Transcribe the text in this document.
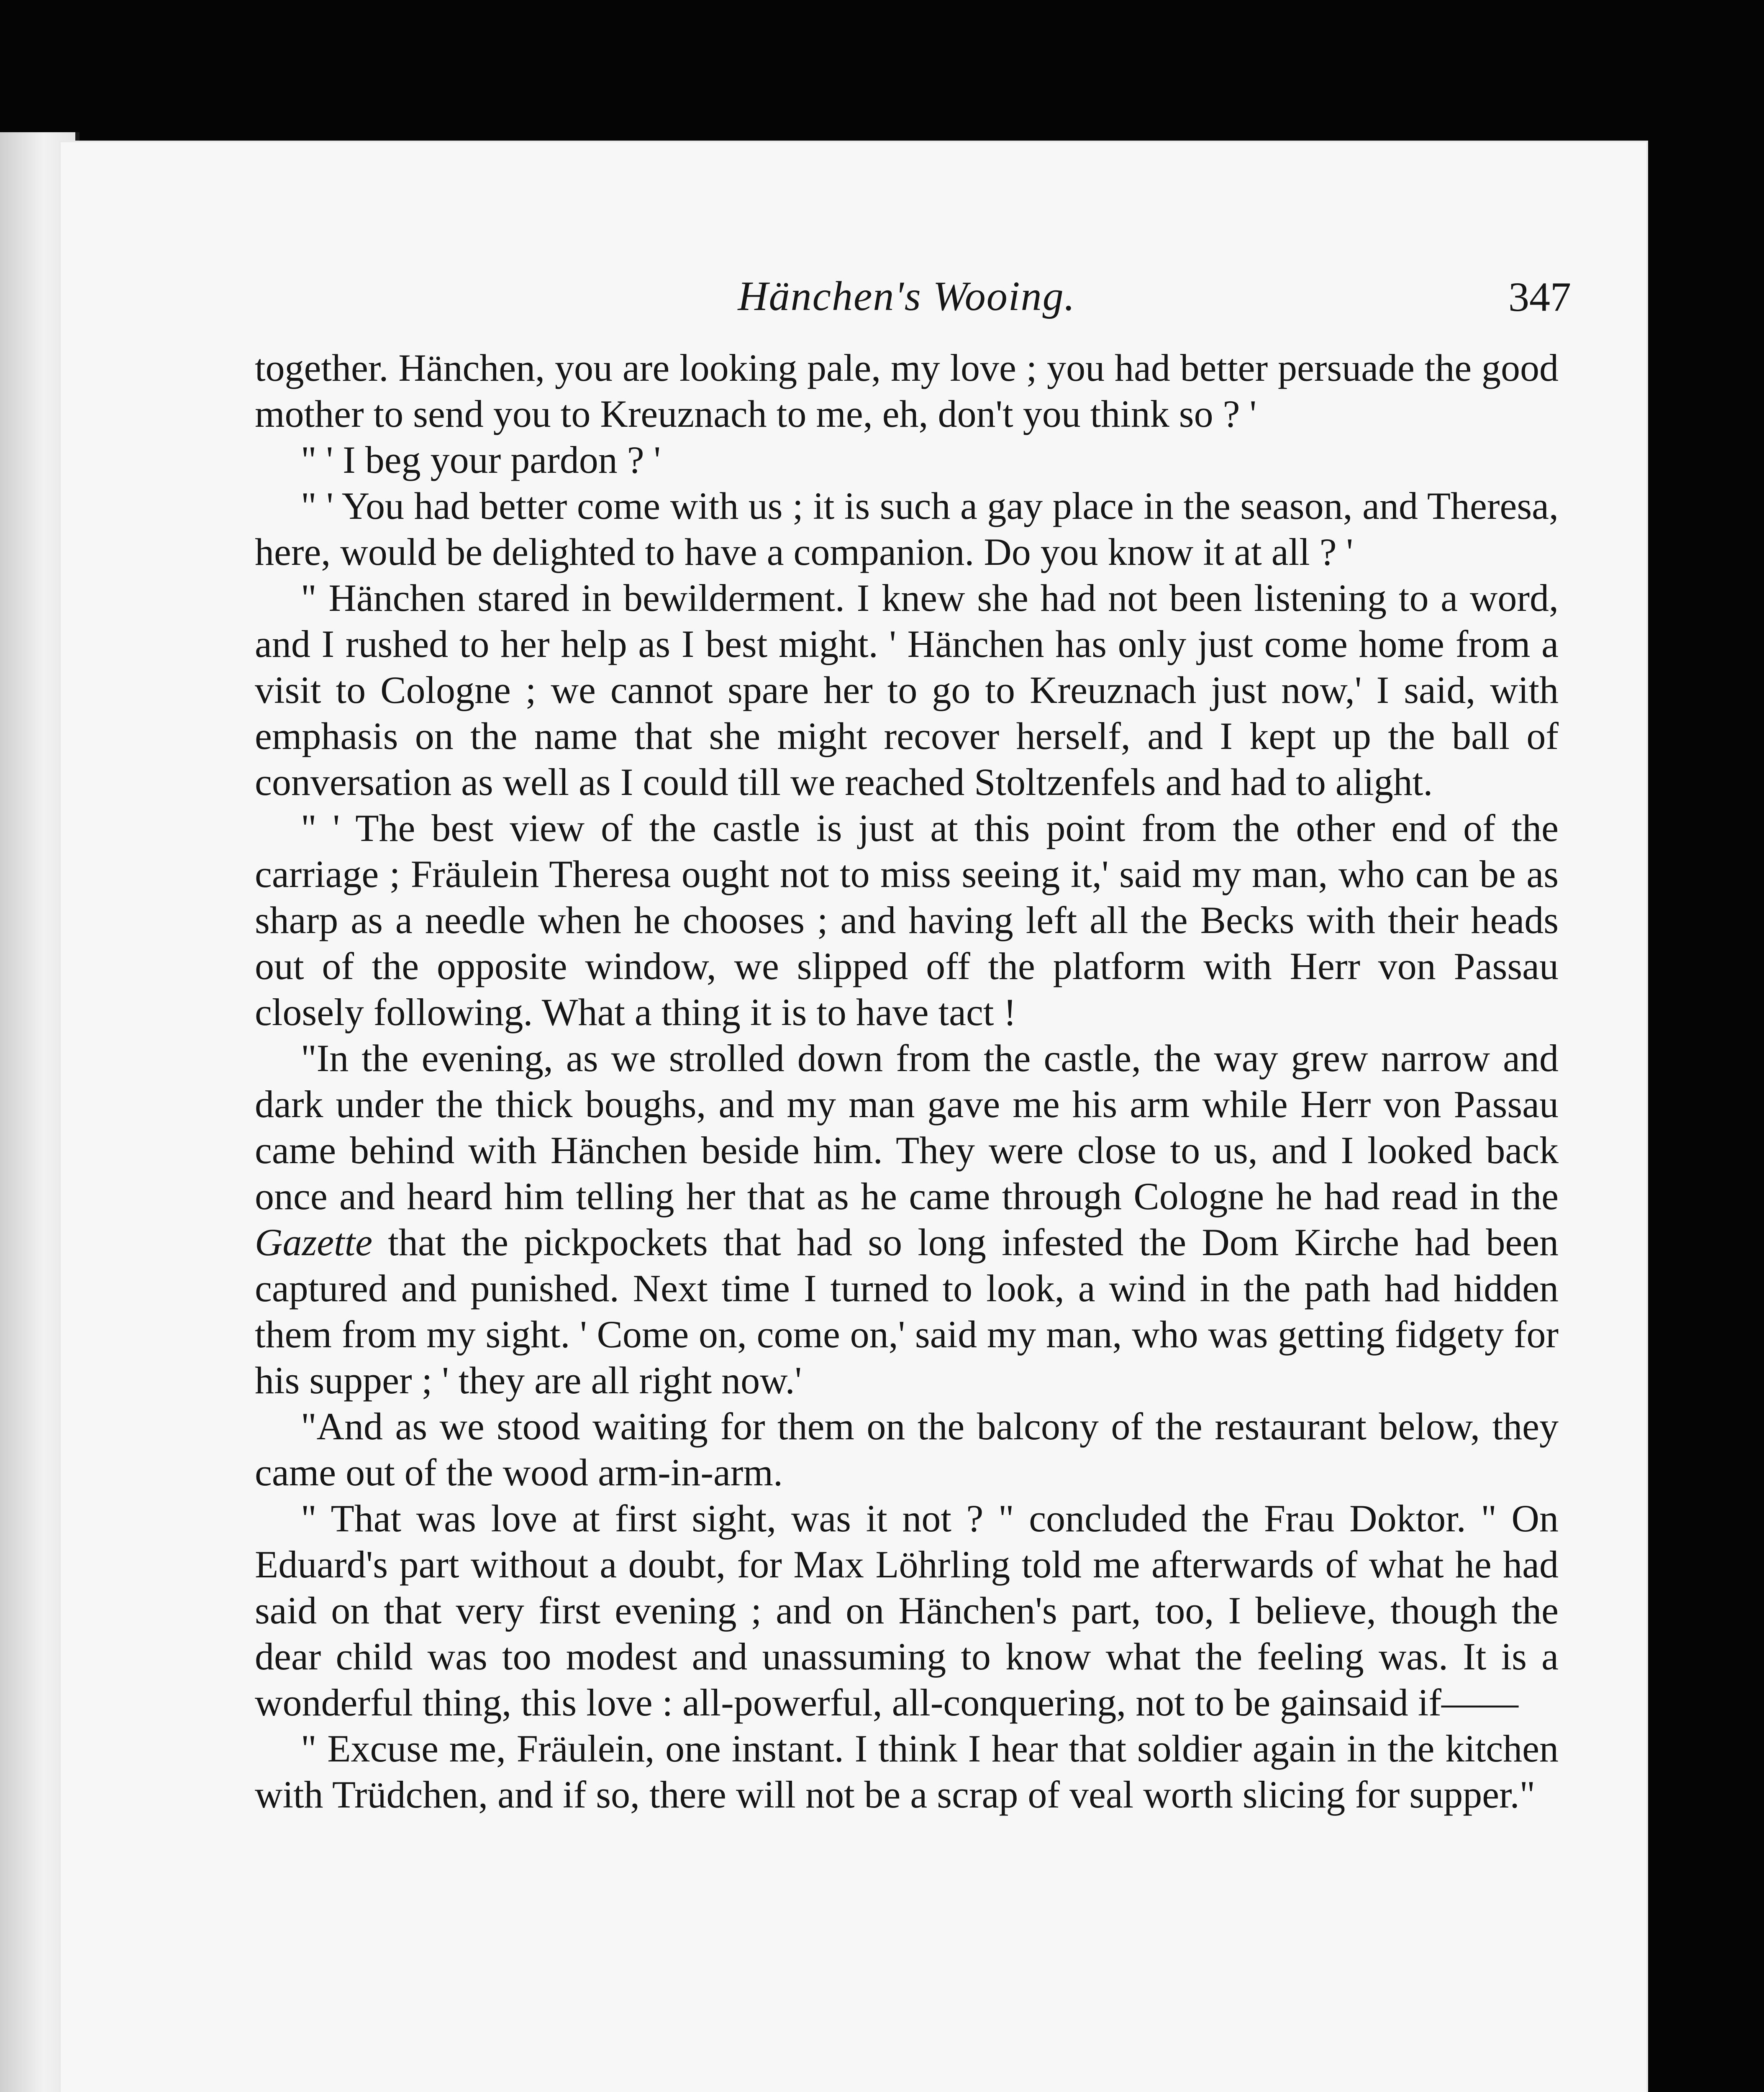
Hänchen's Wooing.	347

together. Hänchen, you are looking pale, my love ; you had better persuade the good mother to send you to Kreuznach to me, eh, don't you think so ? '

" ' I beg your pardon ? '

" ' You had better come with us ; it is such a gay place in the season, and Theresa, here, would be delighted to have a companion. Do you know it at all ? '

" Hänchen stared in bewilderment. I knew she had not been listening to a word, and I rushed to her help as I best might. ' Hänchen has only just come home from a visit to Cologne ; we cannot spare her to go to Kreuznach just now,' I said, with emphasis on the name that she might recover herself, and I kept up the ball of conversation as well as I could till we reached Stoltzenfels and had to alight.

" ' The best view of the castle is just at this point from the other end of the carriage ; Fräulein Theresa ought not to miss seeing it,' said my man, who can be as sharp as a needle when he chooses ; and having left all the Becks with their heads out of the opposite window, we slipped off the platform with Herr von Passau closely following. What a thing it is to have tact !

"In the evening, as we strolled down from the castle, the way grew narrow and dark under the thick boughs, and my man gave me his arm while Herr von Passau came behind with Hänchen beside him. They were close to us, and I looked back once and heard him telling her that as he came through Cologne he had read in the Gazette that the pickpockets that had so long infested the Dom Kirche had been captured and punished. Next time I turned to look, a wind in the path had hidden them from my sight. ' Come on, come on,' said my man, who was getting fidgety for his supper ; ' they are all right now.'

"And as we stood waiting for them on the balcony of the restaurant below, they came out of the wood arm-in-arm.

" That was love at first sight, was it not ? " concluded the Frau Doktor. " On Eduard's part without a doubt, for Max Löhrling told me afterwards of what he had said on that very first evening ; and on Hänchen's part, too, I believe, though the dear child was too modest and unassuming to know what the feeling was. It is a wonderful thing, this love : all-powerful, all-conquering, not to be gainsaid if——

" Excuse me, Fräulein, one instant. I think I hear that soldier again in the kitchen with Trüdchen, and if so, there will not be a scrap of veal worth slicing for supper."
